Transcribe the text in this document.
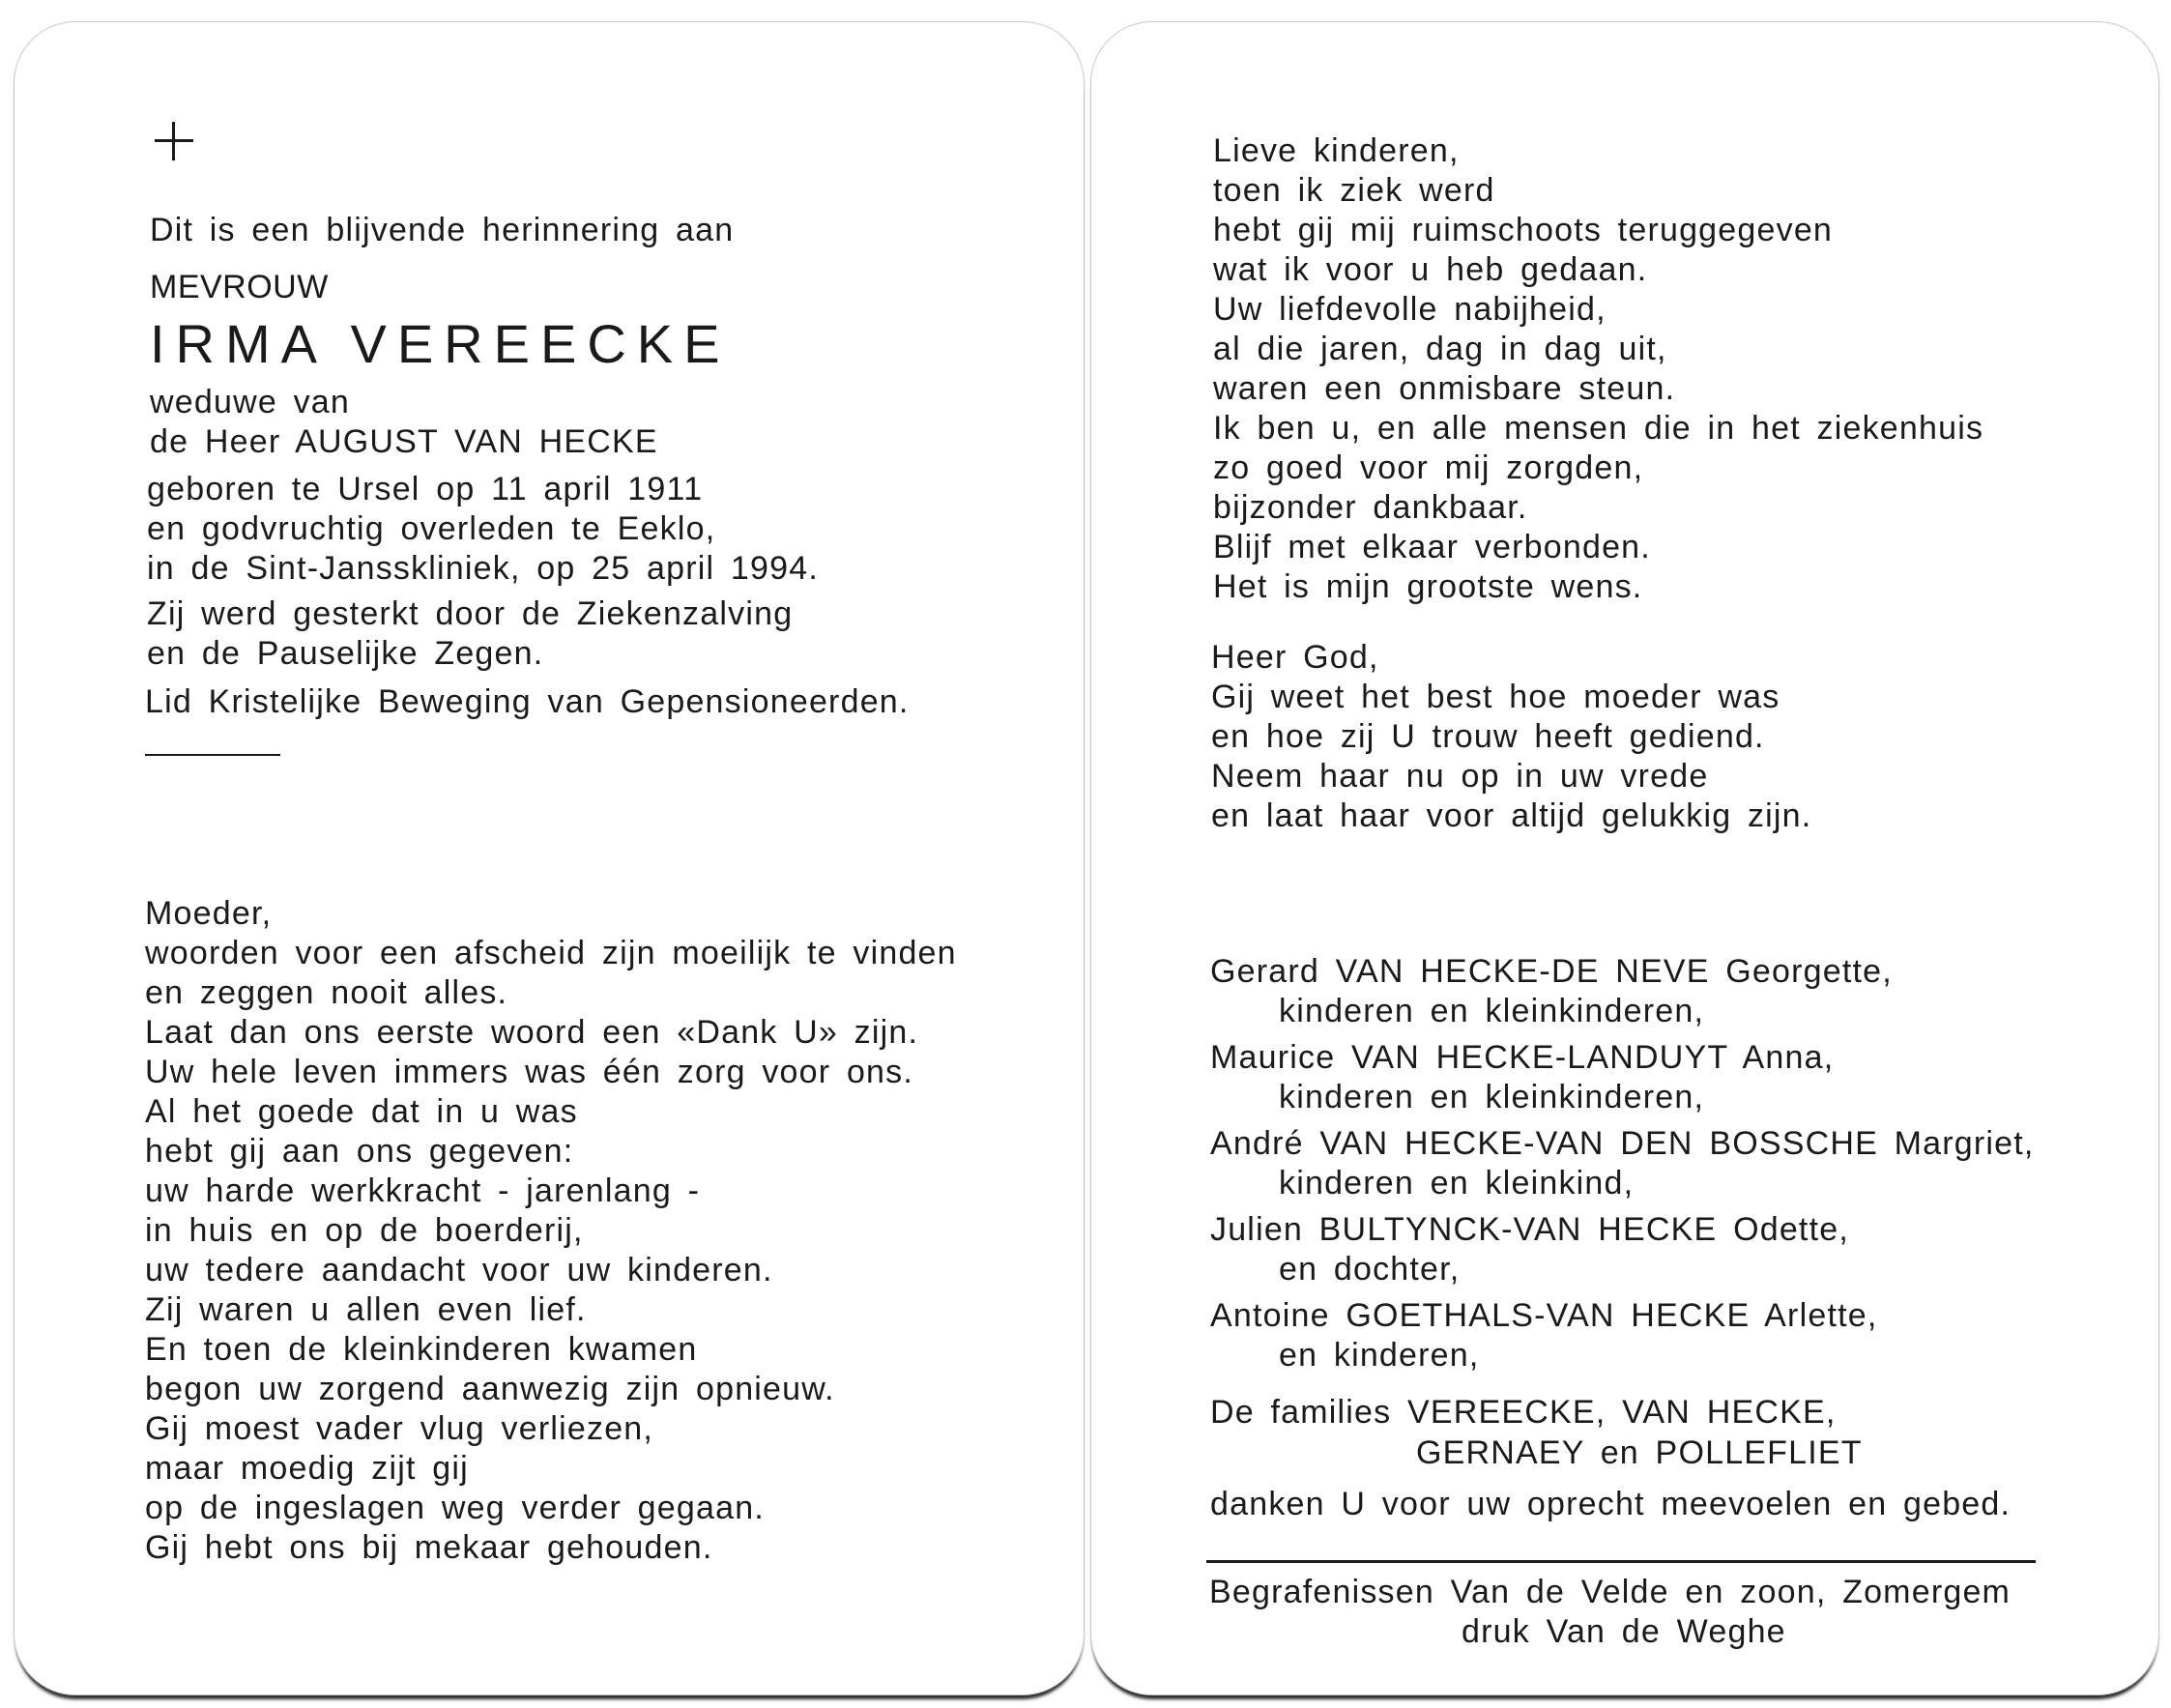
Dit is een blijvende herinnering aan
MEVROUW
IRMA VEREECKE
weduwe van
de Heer AUGUST VAN HECKE
geboren te Ursel op 11 april 1911
en godvruchtig overleden te Eeklo,
in de Sint-Jansskliniek, op 25 april 1994.
Zij werd gesterkt door de Ziekenzalving
en de Pauselijke Zegen.
Lid Kristelijke Beweging van Gepensioneerden.
Moeder,
woorden voor een afscheid zijn moeilijk te vinden
en zeggen nooit alles.
Laat dan ons eerste woord een «Dank U» zijn.
Uw hele leven immers was één zorg voor ons.
Al het goede dat in u was
hebt gij aan ons gegeven:
uw harde werkkracht - jarenlang -
in huis en op de boerderij,
uw tedere aandacht voor uw kinderen.
Zij waren u allen even lief.
En toen de kleinkinderen kwamen
begon uw zorgend aanwezig zijn opnieuw.
Gij moest vader vlug verliezen,
maar moedig zijt gij
op de ingeslagen weg verder gegaan.
Gij hebt ons bij mekaar gehouden.
Lieve kinderen,
toen ik ziek werd
hebt gij mij ruimschoots teruggegeven
wat ik voor u heb gedaan.
Uw liefdevolle nabijheid,
al die jaren, dag in dag uit,
waren een onmisbare steun.
Ik ben u, en alle mensen die in het ziekenhuis
zo goed voor mij zorgden,
bijzonder dankbaar.
Blijf met elkaar verbonden.
Het is mijn grootste wens.
Heer God,
Gij weet het best hoe moeder was
en hoe zij U trouw heeft gediend.
Neem haar nu op in uw vrede
en laat haar voor altijd gelukkig zijn.
Gerard VAN HECKE-DE NEVE Georgette,
kinderen en kleinkinderen,
Maurice VAN HECKE-LANDUYT Anna,
kinderen en kleinkinderen,
André VAN HECKE-VAN DEN BOSSCHE Margriet,
kinderen en kleinkind,
Julien BULTYNCK-VAN HECKE Odette,
en dochter,
Antoine GOETHALS-VAN HECKE Arlette,
en kinderen,
De families VEREECKE, VAN HECKE,
GERNAEY en POLLEFLIET
danken U voor uw oprecht meevoelen en gebed.
Begrafenissen Van de Velde en zoon, Zomergem
druk Van de Weghe
